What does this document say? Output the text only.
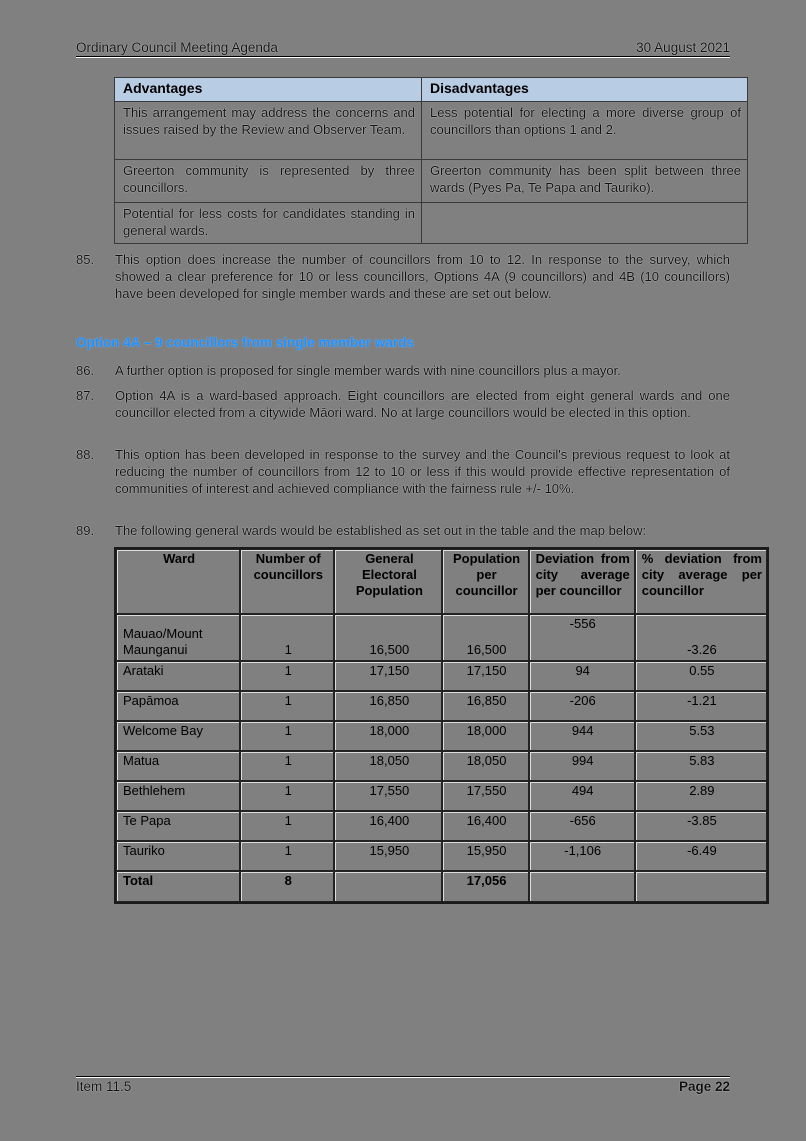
Ordinary Council Meeting Agenda	30 August 2021
Advantages	Disadvantages
This arrangement may address the concerns and issues raised by the Review and Observer Team.	Less potential for electing a more diverse group of councillors than options 1 and 2.
Greerton community is represented by three councillors.	Greerton community has been split between three wards (Pyes Pa, Te Papa and Tauriko).
Potential for less costs for candidates standing in general wards.	
85.	This option does increase the number of councillors from 10 to 12. In response to the survey, which showed a clear preference for 10 or less councillors, Options 4A (9 councillors) and 4B (10 councillors) have been developed for single member wards and these are set out below.
Option 4A – 9 councillors from single member wards
86.	A further option is proposed for single member wards with nine councillors plus a mayor.
87.	Option 4A is a ward-based approach. Eight councillors are elected from eight general wards and one councillor elected from a citywide Māori ward. No at large councillors would be elected in this option.
88.	This option has been developed in response to the survey and the Council's previous request to look at reducing the number of councillors from 12 to 10 or less if this would provide effective representation of communities of interest and achieved compliance with the fairness rule +/- 10%.
89.	The following general wards would be established as set out in the table and the map below:
Ward	Number of councillors	General Electoral Population	Population per councillor	Deviation from city average per councillor	% deviation from city average per councillor
Mauao/Mount Maunganui	1	16,500	16,500	-556	-3.26
Arataki	1	17,150	17,150	94	0.55
Papāmoa	1	16,850	16,850	-206	-1.21
Welcome Bay	1	18,000	18,000	944	5.53
Matua	1	18,050	18,050	994	5.83
Bethlehem	1	17,550	17,550	494	2.89
Te Papa	1	16,400	16,400	-656	-3.85
Tauriko	1	15,950	15,950	-1,106	-6.49
Total	8		17,056		
Item 11.5	Page 22
